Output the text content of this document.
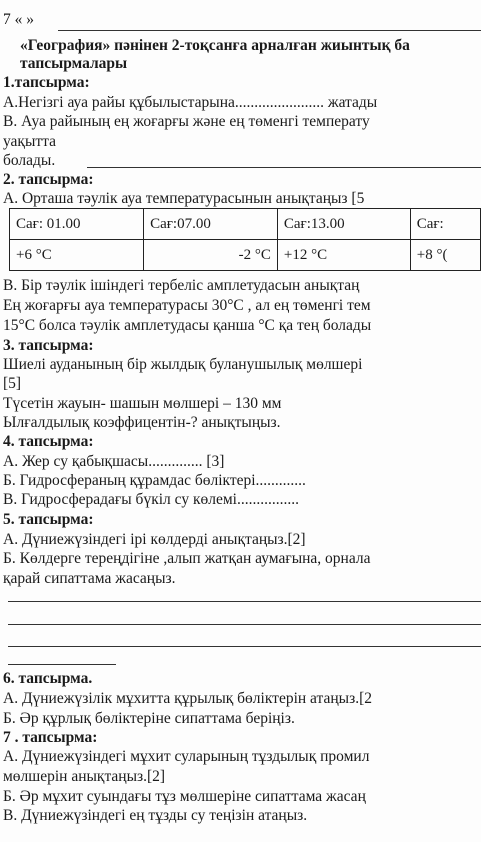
7 « »
«География» пәнінен 2-тоқсанға арналған жиынтық ба
тапсырмалары
1.тапсырма:
А.Негізгі ауа райы құбылыстарына....................... жатады
В. Ауа райының ең жоғарғы және ең төменгі температу
уақытта
болады.
2. тапсырма:
А. Орташа тәулік ауа температурасынын анықтаңыз [5
Сағ: 01.00	Сағ:07.00	Сағ:13.00	Сағ:
+6 °C	-2 °C	+12 °C	+8 °(
В. Бір тәулік ішіндегі тербеліс амплетудасын анықтаң
Ең жоғарғы ауа температурасы 30°C , ал ең төменгі тем
15°C болса тәулік амплетудасы қанша °C қа тең болады
3. тапсырма:
Шиелі ауданының бір жылдық буланушылық мөлшері
[5]
Түсетін жауын- шашын мөлшері – 130 мм
Ылғалдылық коэффицентін-? анықтыңыз.
4. тапсырма:
А. Жер су қабықшасы.............. [3]
Б. Гидросфераның құрамдас бөліктері.............
В. Гидросферадағы бүкіл су көлемі................
5. тапсырма:
А. Дүниежүзіндегі ірі көлдерді анықтаңыз.[2]
Б. Көлдерге тереңдігіне ,алып жатқан аумағына, орнала
қарай сипаттама жасаңыз.
6. тапсырма.
А. Дүниежүзілік мұхитта құрылық бөліктерін атаңыз.[2
Б. Әр құрлық бөліктеріне сипаттама беріңіз.
7 . тапсырма:
А. Дүниежүзіндегі мұхит суларының тұздылық промил
мөлшерін анықтаңыз.[2]
Б. Әр мұхит суындағы тұз мөлшеріне сипаттама жасаң
В. Дүниежүзіндегі ең тұзды су теңізін атаңыз.
